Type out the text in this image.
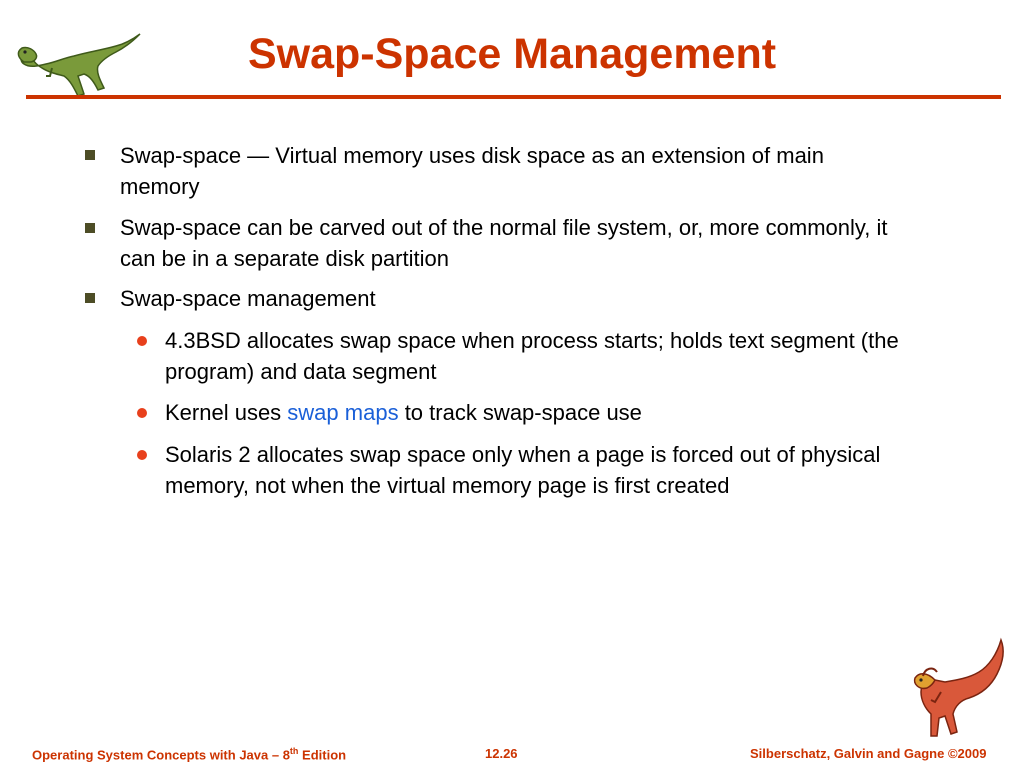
Swap-Space Management
Swap-space — Virtual memory uses disk space as an extension of main memory
Swap-space can be carved out of the normal file system, or, more commonly, it can be in a separate disk partition
Swap-space management
4.3BSD allocates swap space when process starts; holds text segment (the program) and data segment
Kernel uses swap maps to track swap-space use
Solaris 2 allocates swap space only when a page is forced out of physical memory, not when the virtual memory page is first created
Operating System Concepts with Java – 8th Edition	12.26	Silberschatz, Galvin and Gagne ©2009
